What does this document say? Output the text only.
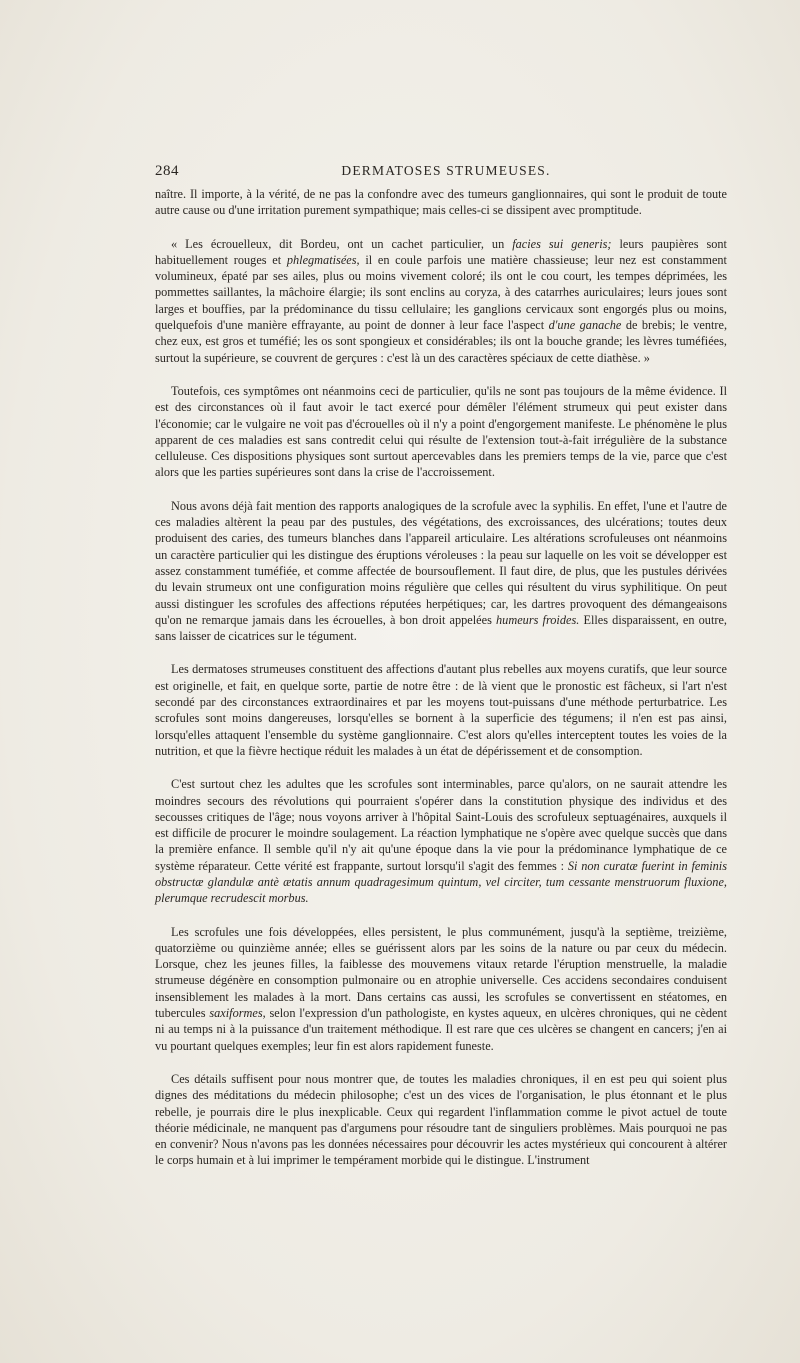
284	DERMATOSES STRUMEUSES.

naître. Il importe, à la vérité, de ne pas la confondre avec des tumeurs ganglionnaires, qui sont le produit de toute autre cause ou d'une irritation purement sympathique; mais celles-ci se dissipent avec promptitude.

« Les écrouelleux, dit Bordeu, ont un cachet particulier, un facies sui generis; leurs paupières sont habituellement rouges et phlegmatisées, il en coule parfois une matière chassieuse; leur nez est constamment volumineux, épaté par ses ailes, plus ou moins vivement coloré; ils ont le cou court, les tempes déprimées, les pommettes saillantes, la mâchoire élargie; ils sont enclins au coryza, à des catarrhes auriculaires; leurs joues sont larges et bouffies, par la prédominance du tissu cellulaire; les ganglions cervicaux sont engorgés plus ou moins, quelquefois d'une manière effrayante, au point de donner à leur face l'aspect d'une ganache de brebis; le ventre, chez eux, est gros et tuméfié; les os sont spongieux et considérables; ils ont la bouche grande; les lèvres tuméfiées, surtout la supérieure, se couvrent de gerçures : c'est là un des caractères spéciaux de cette diathèse. »

Toutefois, ces symptômes ont néanmoins ceci de particulier, qu'ils ne sont pas toujours de la même évidence. Il est des circonstances où il faut avoir le tact exercé pour démêler l'élément strumeux qui peut exister dans l'économie; car le vulgaire ne voit pas d'écrouelles où il n'y a point d'engorgement manifeste. Le phénomène le plus apparent de ces maladies est sans contredit celui qui résulte de l'extension tout-à-fait irrégulière de la substance celluleuse. Ces dispositions physiques sont surtout apercevables dans les premiers temps de la vie, parce que c'est alors que les parties supérieures sont dans la crise de l'accroissement.

Nous avons déjà fait mention des rapports analogiques de la scrofule avec la syphilis. En effet, l'une et l'autre de ces maladies altèrent la peau par des pustules, des végétations, des excroissances, des ulcérations; toutes deux produisent des caries, des tumeurs blanches dans l'appareil articulaire. Les altérations scrofuleuses ont néanmoins un caractère particulier qui les distingue des éruptions véroleuses : la peau sur laquelle on les voit se développer est assez constamment tuméfiée, et comme affectée de boursouflement. Il faut dire, de plus, que les pustules dérivées du levain strumeux ont une configuration moins régulière que celles qui résultent du virus syphilitique. On peut aussi distinguer les scrofules des affections réputées herpétiques; car, les dartres provoquent des démangeaisons qu'on ne remarque jamais dans les écrouelles, à bon droit appelées humeurs froides. Elles disparaissent, en outre, sans laisser de cicatrices sur le tégument.

Les dermatoses strumeuses constituent des affections d'autant plus rebelles aux moyens curatifs, que leur source est originelle, et fait, en quelque sorte, partie de notre être : de là vient que le pronostic est fâcheux, si l'art n'est secondé par des circonstances extraordinaires et par les moyens tout-puissans d'une méthode perturbatrice. Les scrofules sont moins dangereuses, lorsqu'elles se bornent à la superficie des tégumens; il n'en est pas ainsi, lorsqu'elles attaquent l'ensemble du système ganglionnaire. C'est alors qu'elles interceptent toutes les voies de la nutrition, et que la fièvre hectique réduit les malades à un état de dépérissement et de consomption.

C'est surtout chez les adultes que les scrofules sont interminables, parce qu'alors, on ne saurait attendre les moindres secours des révolutions qui pourraient s'opérer dans la constitution physique des individus et des secousses critiques de l'âge; nous voyons arriver à l'hôpital Saint-Louis des scrofuleux septuagénaires, auxquels il est difficile de procurer le moindre soulagement. La réaction lymphatique ne s'opère avec quelque succès que dans la première enfance. Il semble qu'il n'y ait qu'une époque dans la vie pour la prédominance lymphatique de ce système réparateur. Cette vérité est frappante, surtout lorsqu'il s'agit des femmes : Si non curatæ fuerint in feminis obstructæ glandulæ antè ætatis annum quadragesimum quintum, vel circiter, tum cessante menstruorum fluxione, plerumque recrudescit morbus.

Les scrofules une fois développées, elles persistent, le plus communément, jusqu'à la septième, treizième, quatorzième ou quinzième année; elles se guérissent alors par les soins de la nature ou par ceux du médecin. Lorsque, chez les jeunes filles, la faiblesse des mouvemens vitaux retarde l'éruption menstruelle, la maladie strumeuse dégénère en consomption pulmonaire ou en atrophie universelle. Ces accidens secondaires conduisent insensiblement les malades à la mort. Dans certains cas aussi, les scrofules se convertissent en stéatomes, en tubercules saxiformes, selon l'expression d'un pathologiste, en kystes aqueux, en ulcères chroniques, qui ne cèdent ni au temps ni à la puissance d'un traitement méthodique. Il est rare que ces ulcères se changent en cancers; j'en ai vu pourtant quelques exemples; leur fin est alors rapidement funeste.

Ces détails suffisent pour nous montrer que, de toutes les maladies chroniques, il en est peu qui soient plus dignes des méditations du médecin philosophe; c'est un des vices de l'organisation, le plus étonnant et le plus rebelle, je pourrais dire le plus inexplicable. Ceux qui regardent l'inflammation comme le pivot actuel de toute théorie médicinale, ne manquent pas d'argumens pour résoudre tant de singuliers problèmes. Mais pourquoi ne pas en convenir? Nous n'avons pas les données nécessaires pour découvrir les actes mystérieux qui concourent à altérer le corps humain et à lui imprimer le tempérament morbide qui le distingue. L'instrument
